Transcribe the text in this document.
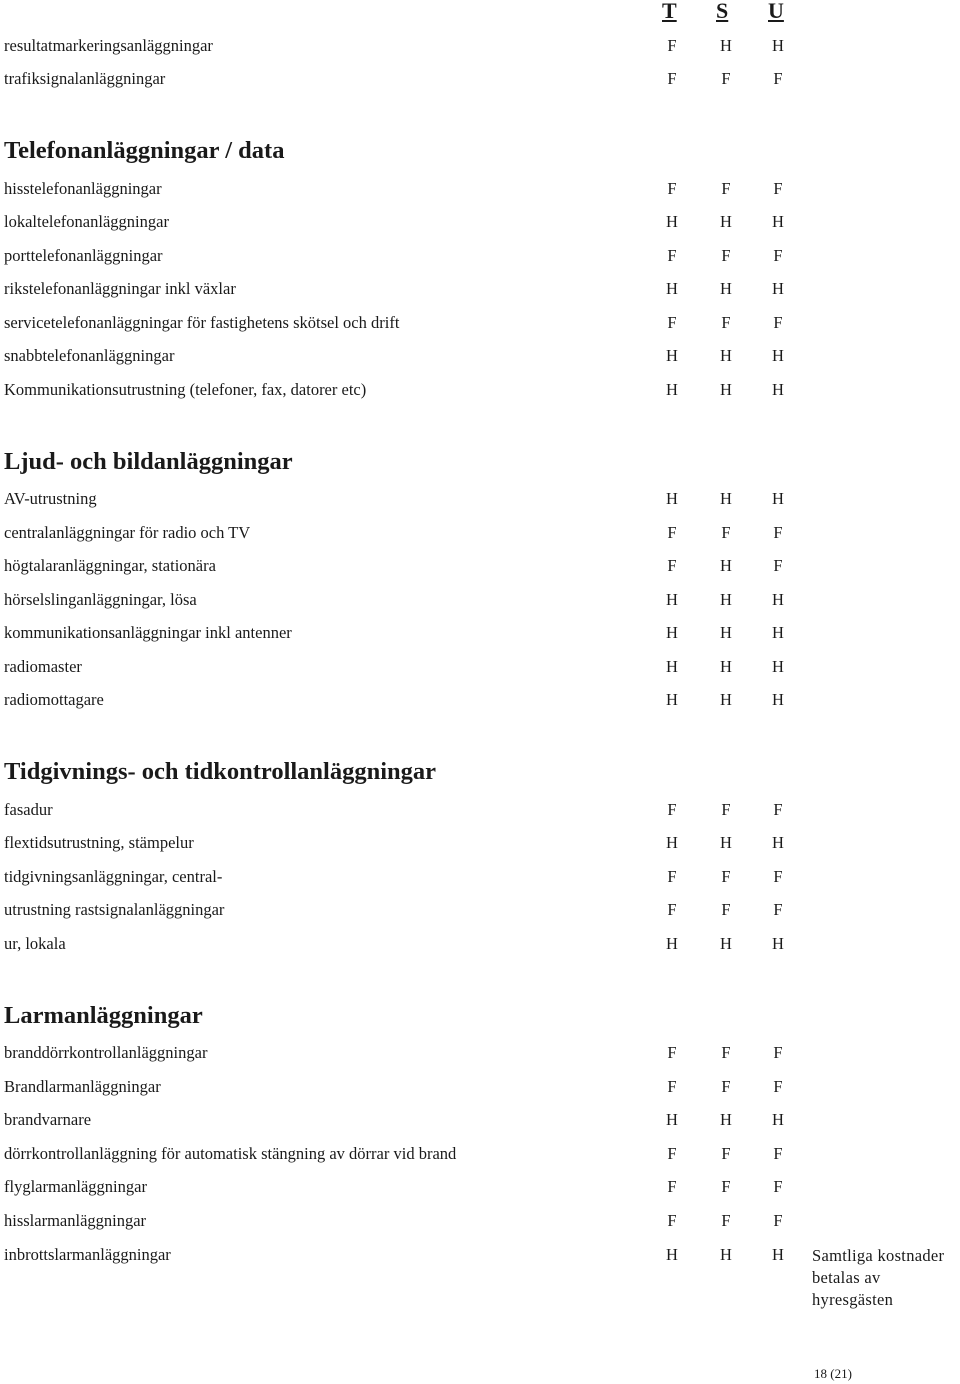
T S U
resultatmarkeringsanläggningar	F	H	H
trafiksignalanläggningar	F	F	F
Telefonanläggningar / data
hisstelefonanläggningar	F	F	F
lokaltelefonanläggningar	H	H	H
porttelefonanläggningar	F	F	F
rikstelefonanläggningar inkl växlar	H	H	H
servicetelefonanläggningar för fastighetens skötsel och drift	F	F	F
snabbtelefonanläggningar	H	H	H
Kommunikationsutrustning (telefoner, fax, datorer etc)	H	H	H
Ljud- och bildanläggningar
AV-utrustning	H	H	H
centralanläggningar för radio och TV	F	F	F
högtalaranläggningar, stationära	F	H	F
hörselslinganläggningar, lösa	H	H	H
kommunikationsanläggningar inkl antenner	H	H	H
radiomaster	H	H	H
radiomottagare	H	H	H
Tidgivnings- och tidkontrollanläggningar
fasadur	F	F	F
flextidsutrustning, stämpelur	H	H	H
tidgivningsanläggningar, central-	F	F	F
utrustning rastsignalanläggningar	F	F	F
ur, lokala	H	H	H
Larmanläggningar
branddörrkontrollanläggningar	F	F	F
Brandlarmanläggningar	F	F	F
brandvarnare	H	H	H
dörrkontrollanläggning för automatisk stängning av dörrar vid brand	F	F	F
flyglarmanläggningar	F	F	F
hisslarmanläggningar	F	F	F
inbrottslarmanläggningar	H	H	H	Samtliga kostnader
betalas av
hyresgästen
18 (21)
